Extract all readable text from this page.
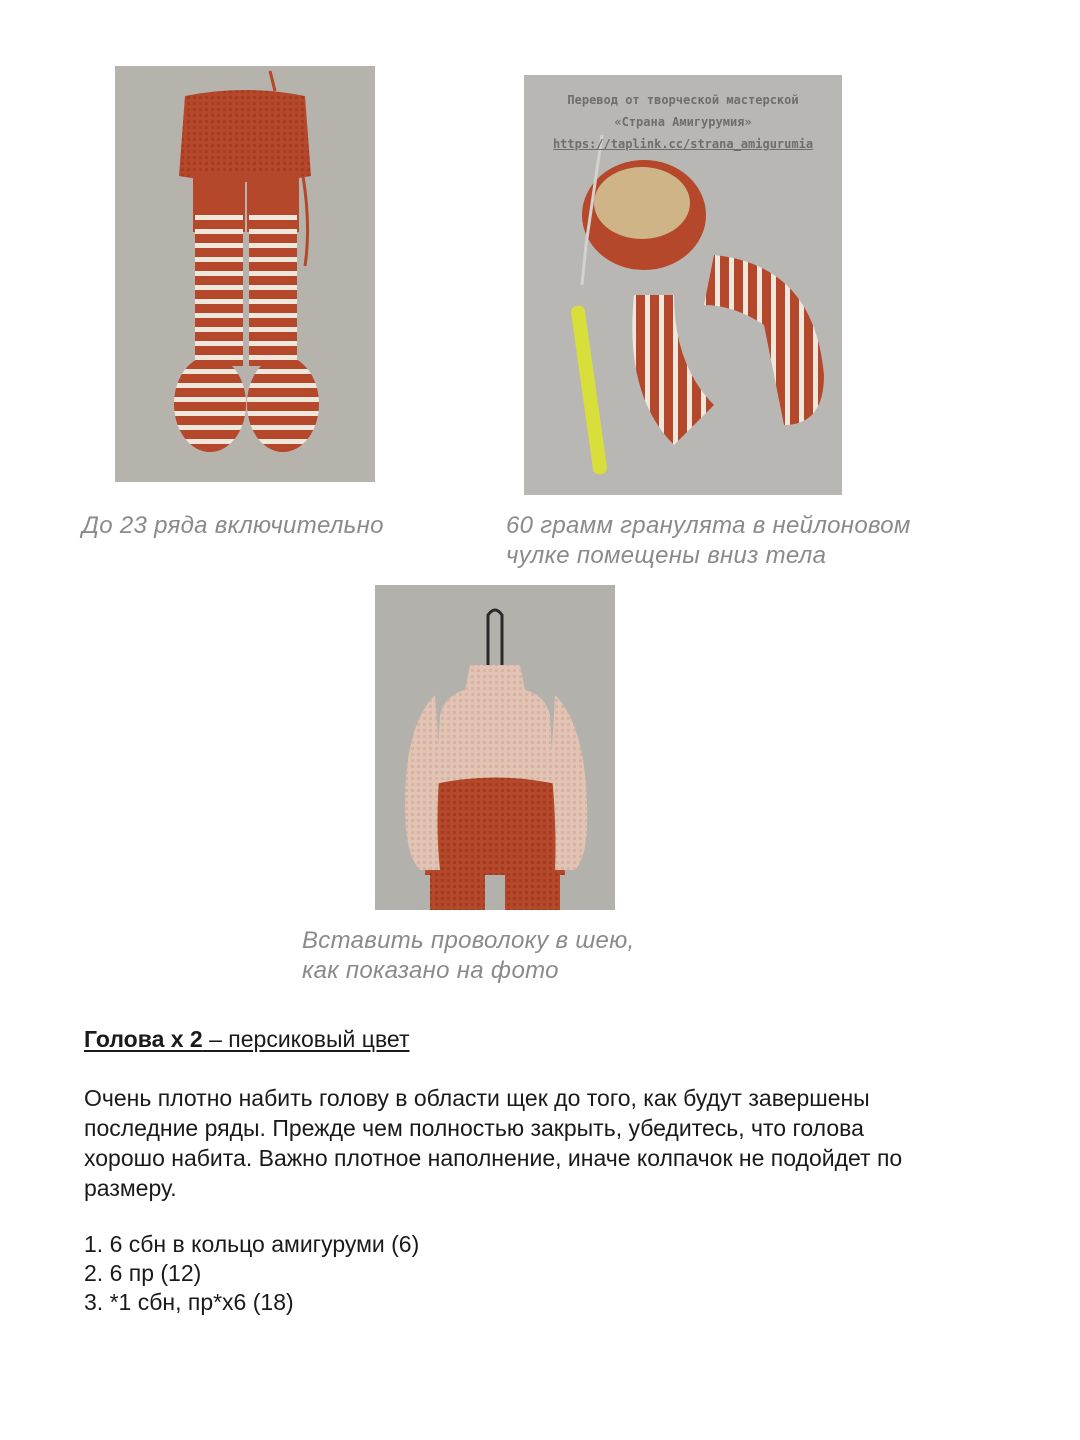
Перевод от творческой мастерской
«Страна Амигурумия»
https://taplink.cc/strana_amigurumia
До 23 ряда включительно	60 грамм гранулята в нейлоновом
чулке помещены вниз тела
Вставить проволоку в шею,
как показано на фото
Голова х 2 – персиковый цвет
Очень плотно набить голову в области щек до того, как будут завершены
последние ряды. Прежде чем полностью закрыть, убедитесь, что голова
хорошо набита. Важно плотное наполнение, иначе колпачок не подойдет по
размеру.
1. 6 сбн в кольцо амигуруми (6)
2. 6 пр (12)
3. *1 сбн, пр*х6 (18)
